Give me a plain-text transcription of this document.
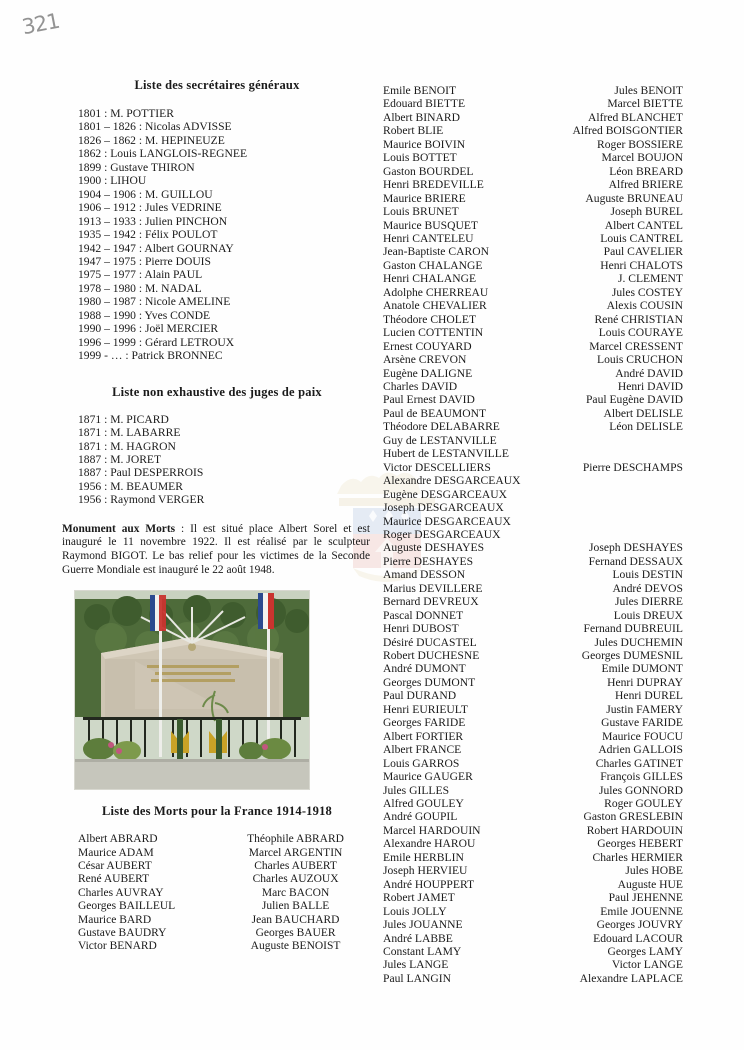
321
Liste des secrétaires généraux
1801 : M. POTTIER
1801 – 1826 : Nicolas ADVISSE
1826 – 1862 : M. HEPINEUZE
1862 : Louis LANGLOIS-REGNEE
1899 : Gustave THIRON
1900 : LIHOU
1904 – 1906 : M. GUILLOU
1906 – 1912 : Jules VEDRINE
1913 – 1933 : Julien PINCHON
1935 – 1942 : Félix POULOT
1942 – 1947 : Albert GOURNAY
1947 – 1975 : Pierre DOUIS
1975 – 1977 : Alain PAUL
1978 – 1980 : M. NADAL
1980 – 1987 : Nicole AMELINE
1988 – 1990 : Yves CONDE
1990 – 1996 : Joël MERCIER
1996 – 1999 : Gérard LETROUX
1999 - … : Patrick BRONNEC
Liste non exhaustive des juges de paix
1871 : M. PICARD
1871 : M. LABARRE
1871 : M. HAGRON
1887 : M. JORET
1887 : Paul DESPERROIS
1956 : M. BEAUMER
1956 : Raymond VERGER

Monument aux Morts : Il est situé place Albert Sorel et est inauguré le 11 novembre 1922. Il est réalisé par le sculpteur Raymond BIGOT. Le bas relief pour les victimes de la Seconde Guerre Mondiale est inauguré le 22 août 1948.

Liste des Morts pour la France 1914-1918
Albert ABRARD	Théophile ABRARD
Maurice ADAM	Marcel ARGENTIN
César AUBERT	Charles AUBERT
René AUBERT	Charles AUZOUX
Charles AUVRAY	Marc BACON
Georges BAILLEUL	Julien BALLE
Maurice BARD	Jean BAUCHARD
Gustave BAUDRY	Georges BAUER
Victor BENARD	Auguste BENOIST
Emile BENOIT	Jules BENOIT
Edouard BIETTE	Marcel BIETTE
Albert BINARD	Alfred BLANCHET
Robert BLIE	Alfred BOISGONTIER
Maurice BOIVIN	Roger BOSSIERE
Louis BOTTET	Marcel BOUJON
Gaston BOURDEL	Léon BREARD
Henri BREDEVILLE	Alfred BRIERE
Maurice BRIERE	Auguste BRUNEAU
Louis BRUNET	Joseph BUREL
Maurice BUSQUET	Albert CANTEL
Henri CANTELEU	Louis CANTREL
Jean-Baptiste CARON	Paul CAVELIER
Gaston CHALANGE	Henri CHALOTS
Henri CHALANGE	J. CLEMENT
Adolphe CHERREAU	Jules COSTEY
Anatole CHEVALIER	Alexis COUSIN
Théodore CHOLET	René CHRISTIAN
Lucien COTTENTIN	Louis COURAYE
Ernest COUYARD	Marcel CRESSENT
Arsène CREVON	Louis CRUCHON
Eugène DALIGNE	André DAVID
Charles DAVID	Henri DAVID
Paul Ernest DAVID	Paul Eugène DAVID
Paul de BEAUMONT	Albert DELISLE
Théodore DELABARRE	Léon DELISLE
Guy de LESTANVILLE
Hubert de LESTANVILLE
Victor DESCELLIERS	Pierre DESCHAMPS
Alexandre DESGARCEAUX
Eugène DESGARCEAUX
Joseph DESGARCEAUX
Maurice DESGARCEAUX
Roger DESGARCEAUX
Auguste DESHAYES	Joseph DESHAYES
Pierre DESHAYES	Fernand DESSAUX
Amand DESSON	Louis DESTIN
Marius DEVILLERE	André DEVOS
Bernard DEVREUX	Jules DIERRE
Pascal DONNET	Louis DREUX
Henri DUBOST	Fernand DUBREUIL
Désiré DUCASTEL	Jules DUCHEMIN
Robert DUCHESNE	Georges DUMESNIL
André DUMONT	Emile DUMONT
Georges DUMONT	Henri DUPRAY
Paul DURAND	Henri DUREL
Henri EURIEULT	Justin FAMERY
Georges FARIDE	Gustave FARIDE
Albert FORTIER	Maurice FOUCU
Albert FRANCE	Adrien GALLOIS
Louis GARROS	Charles GATINET
Maurice GAUGER	François GILLES
Jules GILLES	Jules GONNORD
Alfred GOULEY	Roger GOULEY
André GOUPIL	Gaston GRESLEBIN
Marcel HARDOUIN	Robert HARDOUIN
Alexandre HAROU	Georges HEBERT
Emile HERBLIN	Charles HERMIER
Joseph HERVIEU	Jules HOBE
André HOUPPERT	Auguste HUE
Robert JAMET	Paul JEHENNE
Louis JOLLY	Emile JOUENNE
Jules JOUANNE	Georges JOUVRY
André LABBE	Edouard LACOUR
Constant LAMY	Georges LAMY
Jules LANGE	Victor LANGE
Paul LANGIN	Alexandre LAPLACE
